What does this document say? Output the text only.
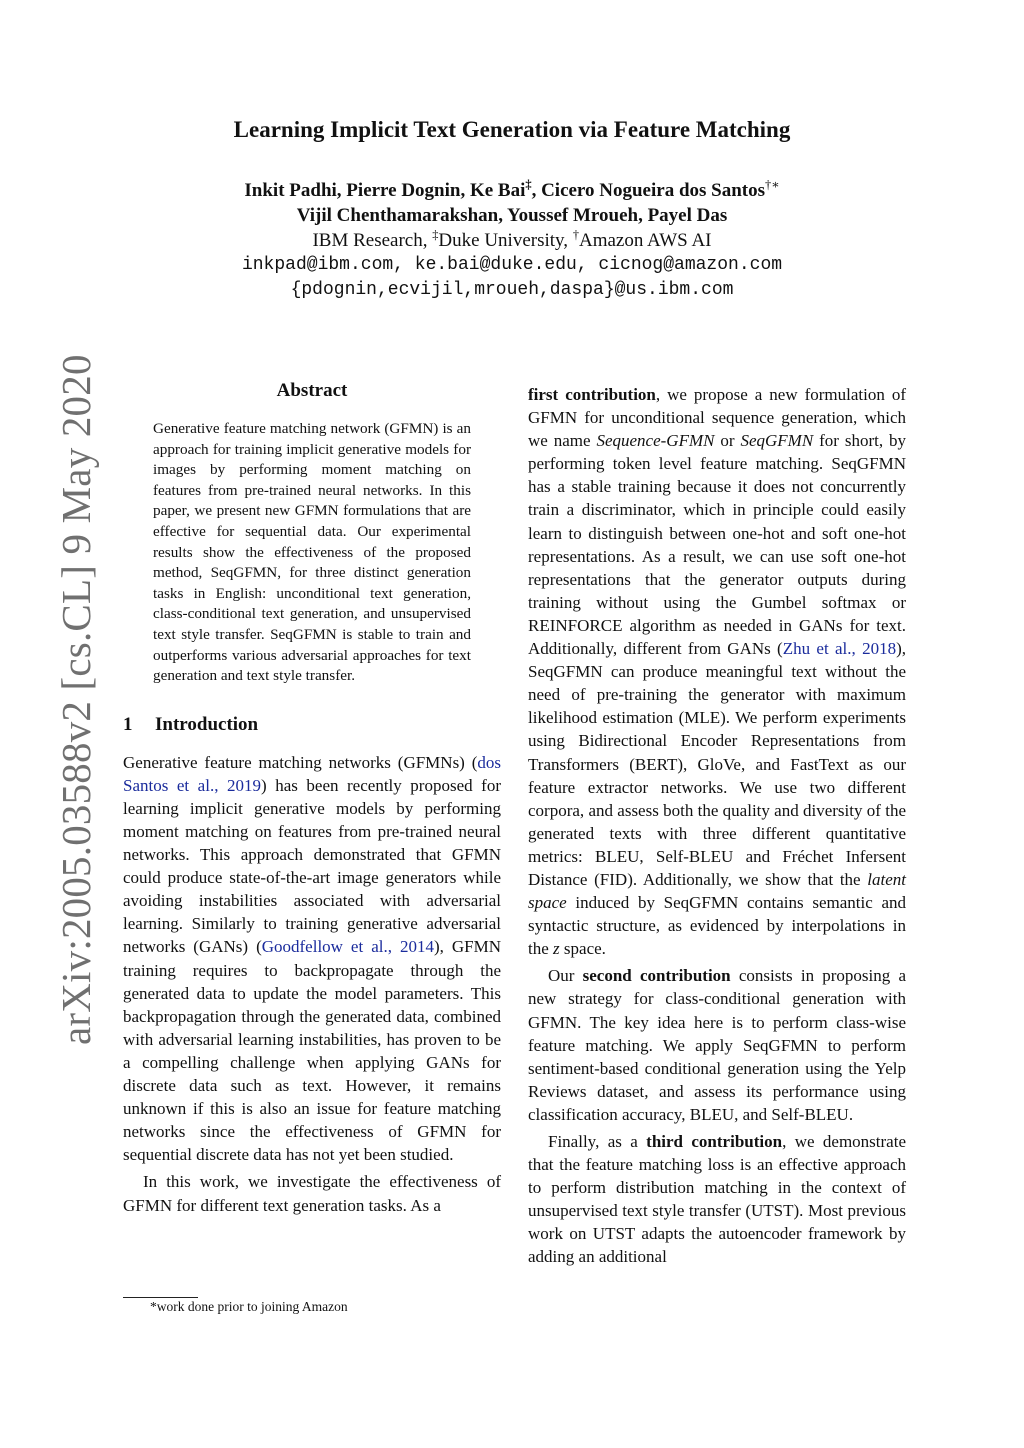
arXiv:2005.03588v2 [cs.CL] 9 May 2020
Learning Implicit Text Generation via Feature Matching
Inkit Padhi, Pierre Dognin, Ke Bai‡, Cicero Nogueira dos Santos†∗
Vijil Chenthamarakshan, Youssef Mroueh, Payel Das
IBM Research, ‡Duke University, †Amazon AWS AI
inkpad@ibm.com, ke.bai@duke.edu, cicnog@amazon.com
{pdognin,ecvijil,mroueh,daspa}@us.ibm.com
Abstract
Generative feature matching network (GFMN) is an approach for training implicit generative models for images by performing moment matching on features from pre-trained neural networks. In this paper, we present new GFMN formulations that are effective for sequential data. Our experimental results show the effectiveness of the proposed method, SeqGFMN, for three distinct generation tasks in English: unconditional text generation, class-conditional text generation, and unsupervised text style transfer. SeqGFMN is stable to train and outperforms various adversarial approaches for text generation and text style transfer.
1 Introduction

Generative feature matching networks (GFMNs) (dos Santos et al., 2019) has been recently proposed for learning implicit generative models by performing moment matching on features from pre-trained neural networks. This approach demonstrated that GFMN could produce state-of-the-art image generators while avoiding instabilities associated with adversarial learning. Similarly to training generative adversarial networks (GANs) (Goodfellow et al., 2014), GFMN training requires to backpropagate through the generated data to update the model parameters. This backpropagation through the generated data, combined with adversarial learning instabilities, has proven to be a compelling challenge when applying GANs for discrete data such as text. However, it remains unknown if this is also an issue for feature matching networks since the effectiveness of GFMN for sequential discrete data has not yet been studied.

In this work, we investigate the effectiveness of GFMN for different text generation tasks. As a

first contribution, we propose a new formulation of GFMN for unconditional sequence generation, which we name Sequence-GFMN or SeqGFMN for short, by performing token level feature matching. SeqGFMN has a stable training because it does not concurrently train a discriminator, which in principle could easily learn to distinguish between one-hot and soft one-hot representations. As a result, we can use soft one-hot representations that the generator outputs during training without using the Gumbel softmax or REINFORCE algorithm as needed in GANs for text. Additionally, different from GANs (Zhu et al., 2018), SeqGFMN can produce meaningful text without the need of pre-training the generator with maximum likelihood estimation (MLE). We perform experiments using Bidirectional Encoder Representations from Transformers (BERT), GloVe, and FastText as our feature extractor networks. We use two different corpora, and assess both the quality and diversity of the generated texts with three different quantitative metrics: BLEU, Self-BLEU and Fréchet Infersent Distance (FID). Additionally, we show that the latent space induced by SeqGFMN contains semantic and syntactic structure, as evidenced by interpolations in the z space.

Our second contribution consists in proposing a new strategy for class-conditional generation with GFMN. The key idea here is to perform class-wise feature matching. We apply SeqGFMN to perform sentiment-based conditional generation using the Yelp Reviews dataset, and assess its performance using classification accuracy, BLEU, and Self-BLEU.

Finally, as a third contribution, we demonstrate that the feature matching loss is an effective approach to perform distribution matching in the context of unsupervised text style transfer (UTST). Most previous work on UTST adapts the autoencoder framework by adding an additional

*work done prior to joining Amazon
